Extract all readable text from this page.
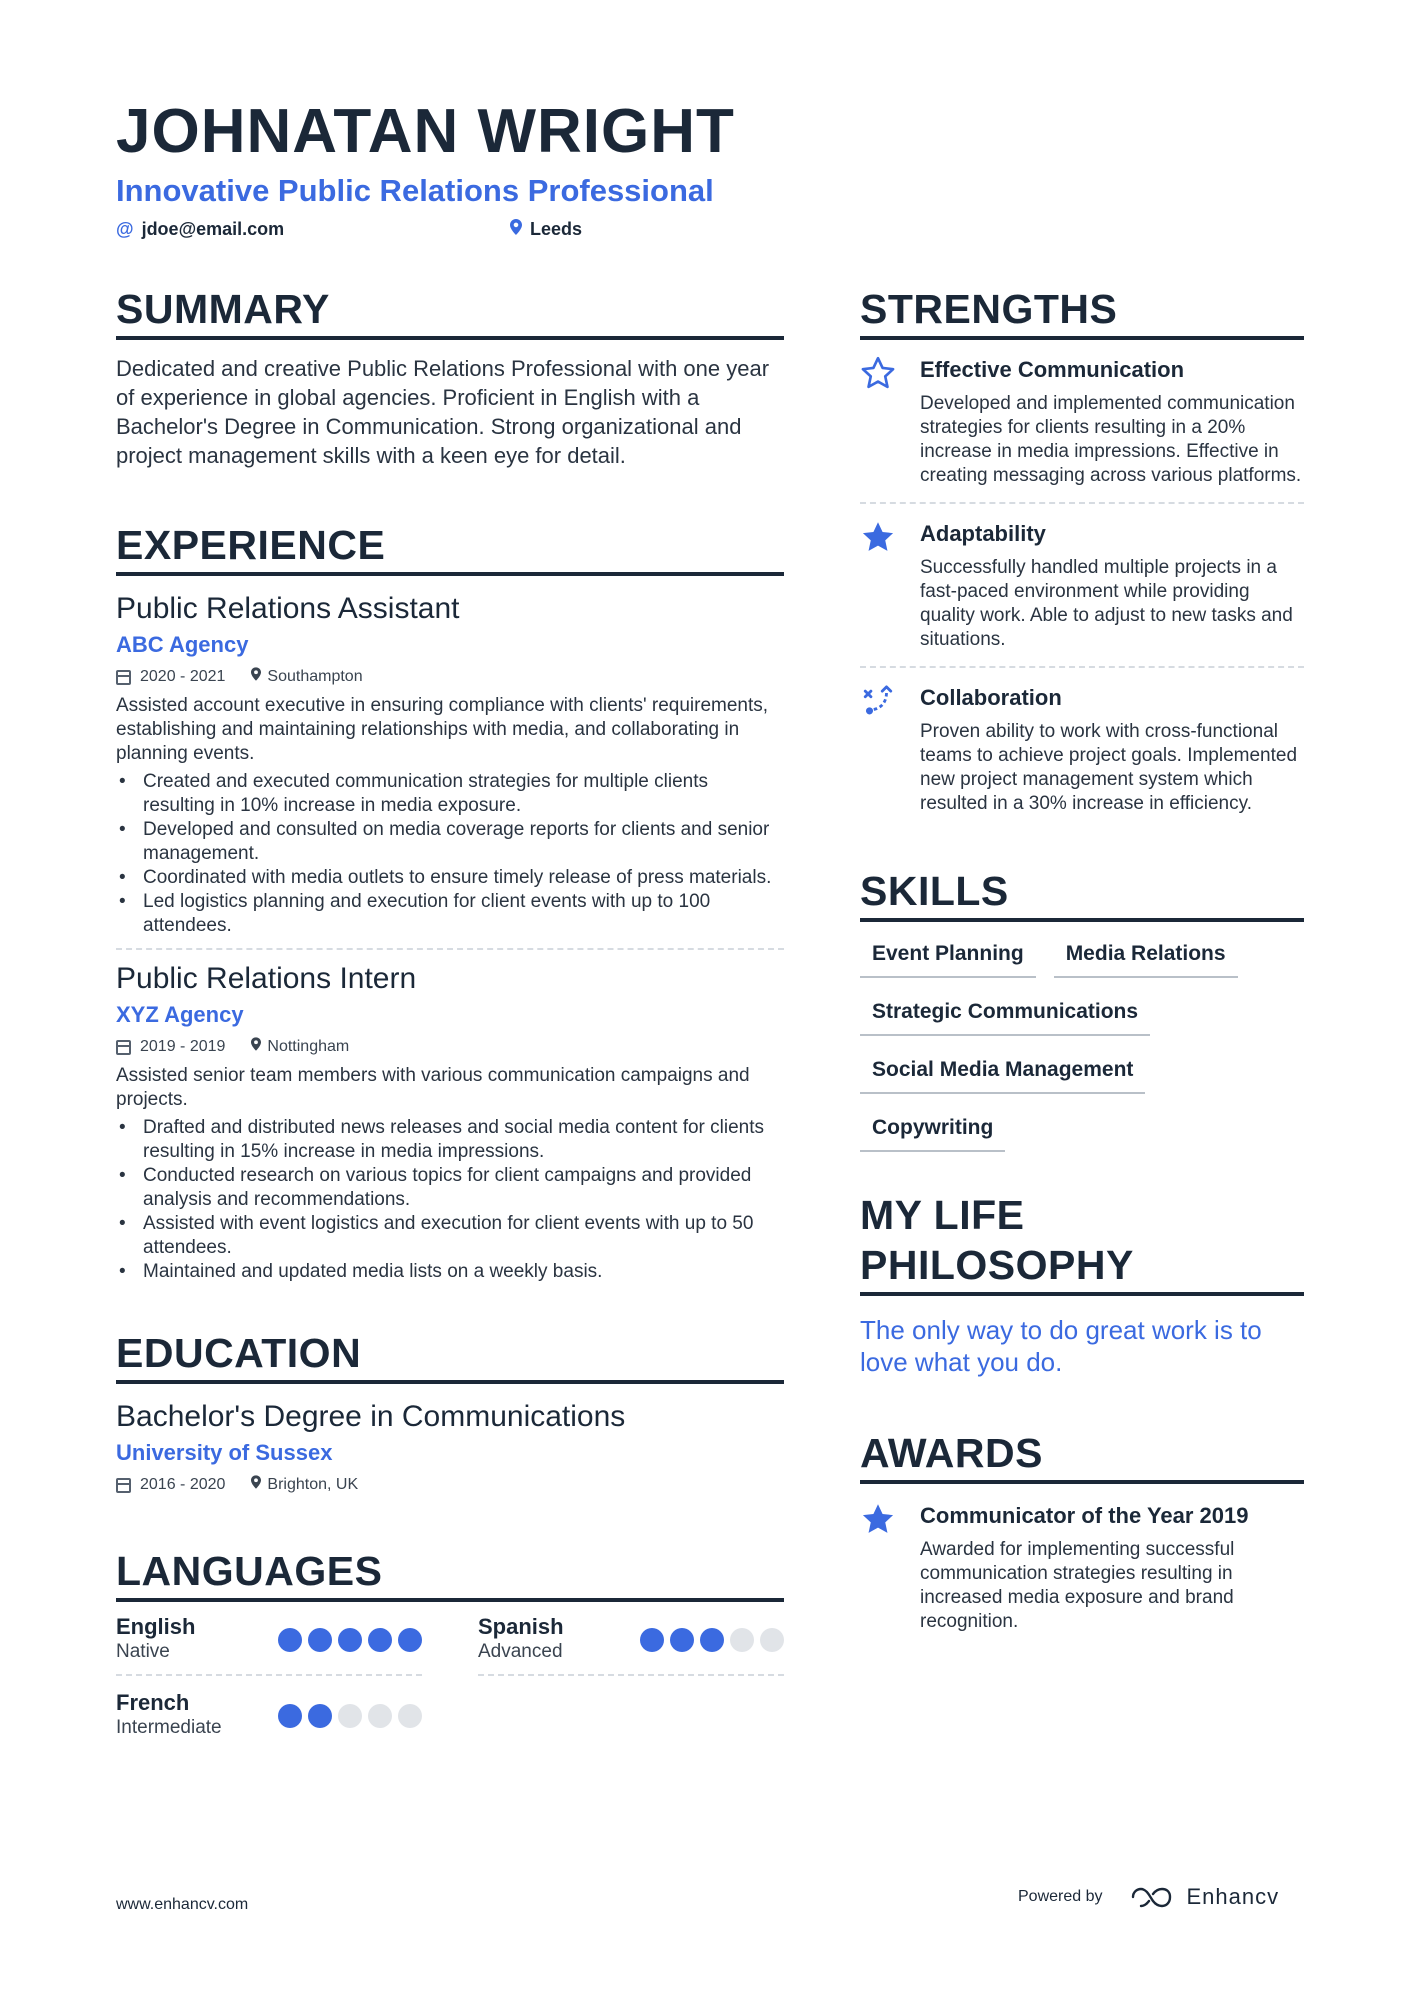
JOHNATAN WRIGHT
Innovative Public Relations Professional
@ jdoe@email.com	Leeds
SUMMARY
Dedicated and creative Public Relations Professional with one year of experience in global agencies. Proficient in English with a Bachelor's Degree in Communication. Strong organizational and project management skills with a keen eye for detail.
EXPERIENCE
Public Relations Assistant
ABC Agency
2020 - 2021	Southampton
Assisted account executive in ensuring compliance with clients' requirements, establishing and maintaining relationships with media, and collaborating in planning events.
• Created and executed communication strategies for multiple clients resulting in 10% increase in media exposure.
• Developed and consulted on media coverage reports for clients and senior management.
• Coordinated with media outlets to ensure timely release of press materials.
• Led logistics planning and execution for client events with up to 100 attendees.
Public Relations Intern
XYZ Agency
2019 - 2019	Nottingham
Assisted senior team members with various communication campaigns and projects.
• Drafted and distributed news releases and social media content for clients resulting in 15% increase in media impressions.
• Conducted research on various topics for client campaigns and provided analysis and recommendations.
• Assisted with event logistics and execution for client events with up to 50 attendees.
• Maintained and updated media lists on a weekly basis.
EDUCATION
Bachelor's Degree in Communications
University of Sussex
2016 - 2020	Brighton, UK
LANGUAGES
English
Native
Spanish
Advanced
French
Intermediate
STRENGTHS
Effective Communication
Developed and implemented communication strategies for clients resulting in a 20% increase in media impressions. Effective in creating messaging across various platforms.
Adaptability
Successfully handled multiple projects in a fast-paced environment while providing quality work. Able to adjust to new tasks and situations.
Collaboration
Proven ability to work with cross-functional teams to achieve project goals. Implemented new project management system which resulted in a 30% increase in efficiency.
SKILLS
Event Planning	Media Relations
Strategic Communications
Social Media Management
Copywriting
MY LIFE PHILOSOPHY
The only way to do great work is to love what you do.
AWARDS
Communicator of the Year 2019
Awarded for implementing successful communication strategies resulting in increased media exposure and brand recognition.
www.enhancv.com	Powered by	Enhancv
